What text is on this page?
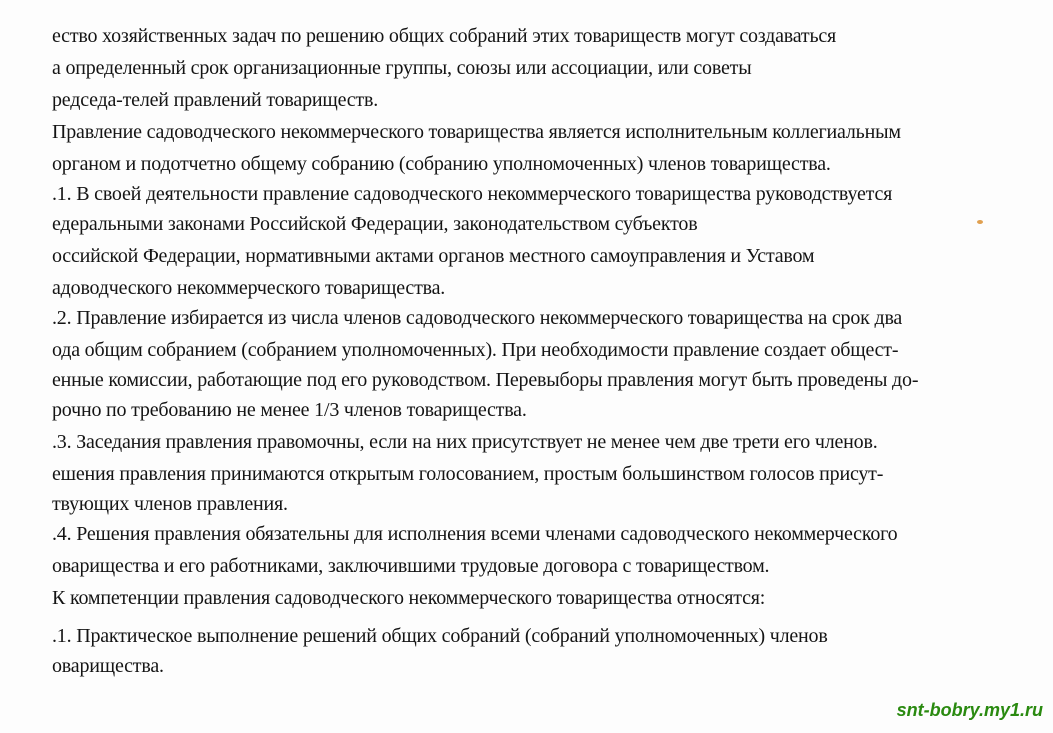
ество хозяйственных задач по решению общих собраний этих товариществ могут создаваться
а определенный срок организационные группы, союзы или ассоциации, или советы
редседа-телей правлений товариществ.
Правление садоводческого некоммерческого товарищества является исполнительным коллегиальным
органом и подотчетно общему собранию (собранию уполномоченных) членов товарищества.
.1. В своей деятельности правление садоводческого некоммерческого товарищества руководствуется
едеральными законами Российской Федерации, законодательством субъектов
оссийской Федерации, нормативными актами органов местного самоуправления и Уставом
адоводческого некоммерческого товарищества.
.2. Правление избирается из числа членов садоводческого некоммерческого товарищества на срок два
ода общим собранием (собранием уполномоченных). При необходимости правление создает общест-
енные комиссии, работающие под его руководством. Перевыборы правления могут быть проведены до-
рочно по требованию не менее 1/3 членов товарищества.
.3. Заседания правления правомочны, если на них присутствует не менее чем две трети его членов.
ешения правления принимаются открытым голосованием, простым большинством голосов присут-
твующих членов правления.
.4. Решения правления обязательны для исполнения всеми членами садоводческого некоммерческого
оварищества и его работниками, заключившими трудовые договора с товариществом.
К компетенции правления садоводческого некоммерческого товарищества относятся:
.1. Практическое выполнение решений общих собраний (собраний уполномоченных) членов
оварищества.
snt-bobry.my1.ru
